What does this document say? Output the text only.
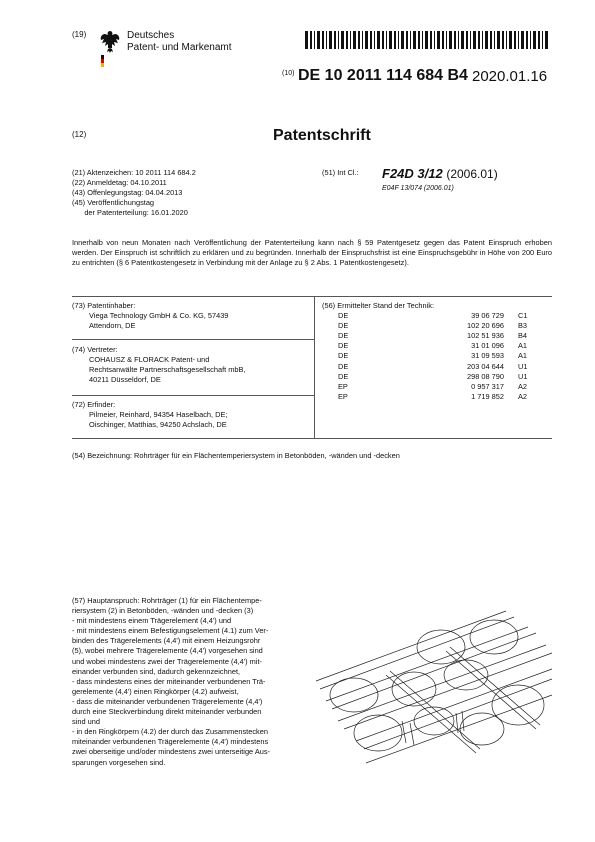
(19)	Deutsches
Patent- und Markenamt
(10) DE 10 2011 114 684 B4 2020.01.16
(12)	Patentschrift
(21) Aktenzeichen: 10 2011 114 684.2
(22) Anmeldetag: 04.10.2011
(43) Offenlegungstag: 04.04.2013
(45) Veröffentlichungstag
der Patenterteilung: 16.01.2020
(51) Int Cl.: F24D 3/12 (2006.01)
E04F 13/074 (2006.01)
Innerhalb von neun Monaten nach Veröffentlichung der Patenterteilung kann nach § 59 Patentgesetz gegen das Patent Einspruch erhoben werden. Der Einspruch ist schriftlich zu erklären und zu begründen. Innerhalb der Einspruchsfrist ist eine Einspruchsgebühr in Höhe von 200 Euro zu entrichten (§ 6 Patentkostengesetz in Verbindung mit der Anlage zu § 2 Abs. 1 Patentkostengesetz).
(73) Patentinhaber:
Viega Technology GmbH & Co. KG, 57439
Attendorn, DE
(74) Vertreter:
COHAUSZ & FLORACK Patent- und
Rechtsanwälte Partnerschaftsgesellschaft mbB,
40211 Düsseldorf, DE
(72) Erfinder:
Pilmeier, Reinhard, 94354 Haselbach, DE;
Oischinger, Matthias, 94250 Achslach, DE
(56) Ermittelter Stand der Technik:
DE	39 06 729	C1
DE	102 20 696	B3
DE	102 51 936	B4
DE	31 01 096	A1
DE	31 09 593	A1
DE	203 04 644	U1
DE	298 08 790	U1
EP	0 957 317	A2
EP	1 719 852	A2
(54) Bezeichnung: Rohrträger für ein Flächentemperiersystem in Betonböden, -wänden und -decken
(57) Hauptanspruch: Rohrträger (1) für ein Flächentempe-
riersystem (2) in Betonböden, -wänden und -decken (3)
- mit mindestens einem Trägerelement (4,4') und
- mit mindestens einem Befestigungselement (4.1) zum Ver-
binden des Trägerelements (4,4') mit einem Heizungsrohr
(5), wobei mehrere Trägerelemente (4,4') vorgesehen sind
und wobei mindestens zwei der Trägerelemente (4,4') mit-
einander verbunden sind, dadurch gekennzeichnet,
- dass mindestens eines der miteinander verbundenen Trä-
gerelemente (4,4') einen Ringkörper (4.2) aufweist,
- dass die miteinander verbundenen Trägerelemente (4,4')
durch eine Steckverbindung direkt miteinander verbunden
sind und
- in den Ringkörpern (4.2) der durch das Zusammenstecken
miteinander verbundenen Trägerelemente (4,4') mindestens
zwei oberseitige und/oder mindestens zwei unterseitige Aus-
sparungen vorgesehen sind.
